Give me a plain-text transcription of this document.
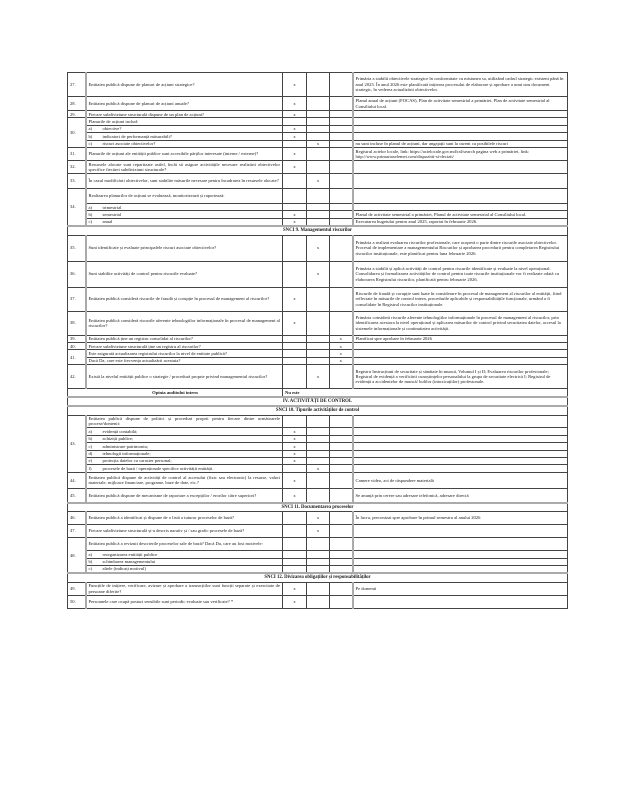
27.	Entitatea publică dispune de planuri de acțiuni strategice?	x			Primăria a stabilit obiectivele strategice în conformitate cu misiunea sa, utilizând cadrul strategic existent până în anul 2025. În anul 2026 este planificată inițierea procesului de elaborare și aprobare a unui nou document strategic, în vederea actualizării obiectivelor.
28.	Entitatea publică dispune de planuri de acțiuni anuale?	x			Planul anual de acțiuni (FOCAS), Plan de activitate semestrial a primăriei, Plan de activitate semestrial al Consiliului local.
29.	Fiecare subdiviziune structurală dispune de un plan de acțiuni?	x			
30.	Planurile de acțiuni includ:				
	a) obiective?	x			
	b) indicatori de performanță măsurabili?	x			
	c) riscuri asociate obiectivelor?		x		nu sunt incluse în planul de acțiuni, dar angajații sunt la curent cu posibilele riscuri
31.	Planurile de acțiuni ale entității publice sunt accesibile părților interesate (interne / externe)?	x			Registrul actelor locale, link: https://actelocale.gov.md/ral/search pagina web a primăriei, link: http://www.primariaselemet.com/dispozitii-si-decizii/
32.	Resursele alocate sunt repartizate astfel, încât să asigure activitățile necesare realizării obiectivelor specifice fiecărei subdiviziuni structurale?	x			
33.	În cazul modificării obiectivelor, sunt stabilite măsurile necesare pentru încadrarea în resursele alocate?		x		
34.	Realizarea planurilor de acțiuni se evaluează, monitorizează și raportează:				
	a) trimestrial				
	b) semestrial	x			Planul de activitate semestrial a primăriei, Planul de activitate semestrial al Consiliului local.
	c) anual	x			Executarea bugetului pentru anul 2025, raportat în februarie 2026.
SNCI 9. Managementul riscurilor					
35.	Sunt identificate și evaluate principalele riscuri asociate obiectivelor?		x		Primăria a realizat evaluarea riscurilor profesionale, care acoperă o parte dintre riscurile asociate obiectivelor. Procesul de implementare a managementului Riscurilor și aprobarea procedurii pentru completarea Registrului riscurilor instituționale, este planificat pentru luna februarie 2026.
36.	Sunt stabilite activități de control pentru riscurile evaluate?		x		Primăria a stabilit și aplică activități de control pentru riscurile identificate și evaluate la nivel operațional. Consolidarea și formalizarea activităților de control pentru toate riscurile instituționale vor fi realizate odată cu elaborarea Registrului riscurilor, planificată pentru februarie 2026.
37.	Entitatea publică consideră riscurile de fraudă și corupție în procesul de management al riscurilor?	x			Riscurile de fraudă și corupție sunt luate în considerare în procesul de management al riscurilor al entității, fiind reflectate în măsurile de control intern, procedurile aplicabile și responsabilitățile funcționale, urmând a fi consolidate în Registrul riscurilor instituționale.
38.	Entitatea publică consideră riscurile aferente tehnologiilor informaționale în procesul de management al riscurilor?	x			Primăria consideră riscurile aferente tehnologiilor informaționale în procesul de management al riscurilor, prin identificarea acestora la nivel operațional și aplicarea măsurilor de control privind securitatea datelor, accesul la sistemele informaționale și continuitatea activității.
39.	Entitatea publică ține un registru consolidat al riscurilor?			x	Planificat spre aprobare în februarie 2026
40.	Fiecare subdiviziune structurală ține un registru al riscurilor?			x	
41.	Este asigurată actualizarea registrului riscurilor la nivel de entitate publică?			x	
	Dacă Da, care este frecvența actualizării acestuia?			x	
42.	Există la nivelul entității publice o strategie / procedură proprie privind managementul riscurilor?		x		Registru Instrucțiuni de securitate și sănătate în muncă, Volumul I și II; Evaluarea riscurilor profesionale; Registrul de evidență a verificării cunoștințelor personalului la grupa de securitate electrică I; Registrul de evidență a accidentelor de muncă/ bolilor (intoxicațiilor) profesionale.
Opinia auditului intern		Nu este			
IV. ACTIVITĂȚI DE CONTROL					
SNCI 10. Tipurile activităților de control					
43.	Entitatea publică dispune de politici și proceduri proprii pentru fiecare dintre următoarele procese/domenii:				
	a) evidență contabilă;	x			
	b) achiziții publice;	x			
	c) administrare patrimoniu;	x			
	d) tehnologii informaționale;	x			
	e) protecția datelor cu caracter personal;	x			
	f) procesele de bază / operaționale specifice activității entității.		x		
44.	Entitatea publică dispune de activități de control al accesului (fizic sau electronic) la resurse, valori materiale, mijloace financiare, programe, baze de date, etc.?	x			Camere video, act de răspundere materială
45.	Entitatea publică dispune de mecanisme de raportare a excepțiilor / erorilor către superiori?	x			Se anunță prin cerere sau adresare telefonică, adresare directă
SNCI 11. Documentarea proceselor					
46.	Entitatea publică a identificat și dispune de o listă a tuturor proceselor de bază?		x		În lucru, preconizat spre aprobare în primul semestru al anului 2026
47.	Fiecare subdiviziune structurală și-a descris narativ și / sau grafic procesele de bază?		x		
48.	Entitatea publică a revizuit descrierile proceselor sale de bază? Dacă Da, care au fost motivele:				
	a) reorganizarea entității publice				
	b) schimbarea managementului				
	c) altele (indicați motivul)				
SNCI 12. Divizarea obligațiilor și responsabilităților					
49.	Funcțiile de inițiere, verificare, avizare și aprobare a tranzacțiilor sunt funcții separate și exercitate de persoane diferite?	x			Pe domenii
50.	Persoanele care ocupă posturi sensibile sunt periodic evaluate sau verificate? *	x			
